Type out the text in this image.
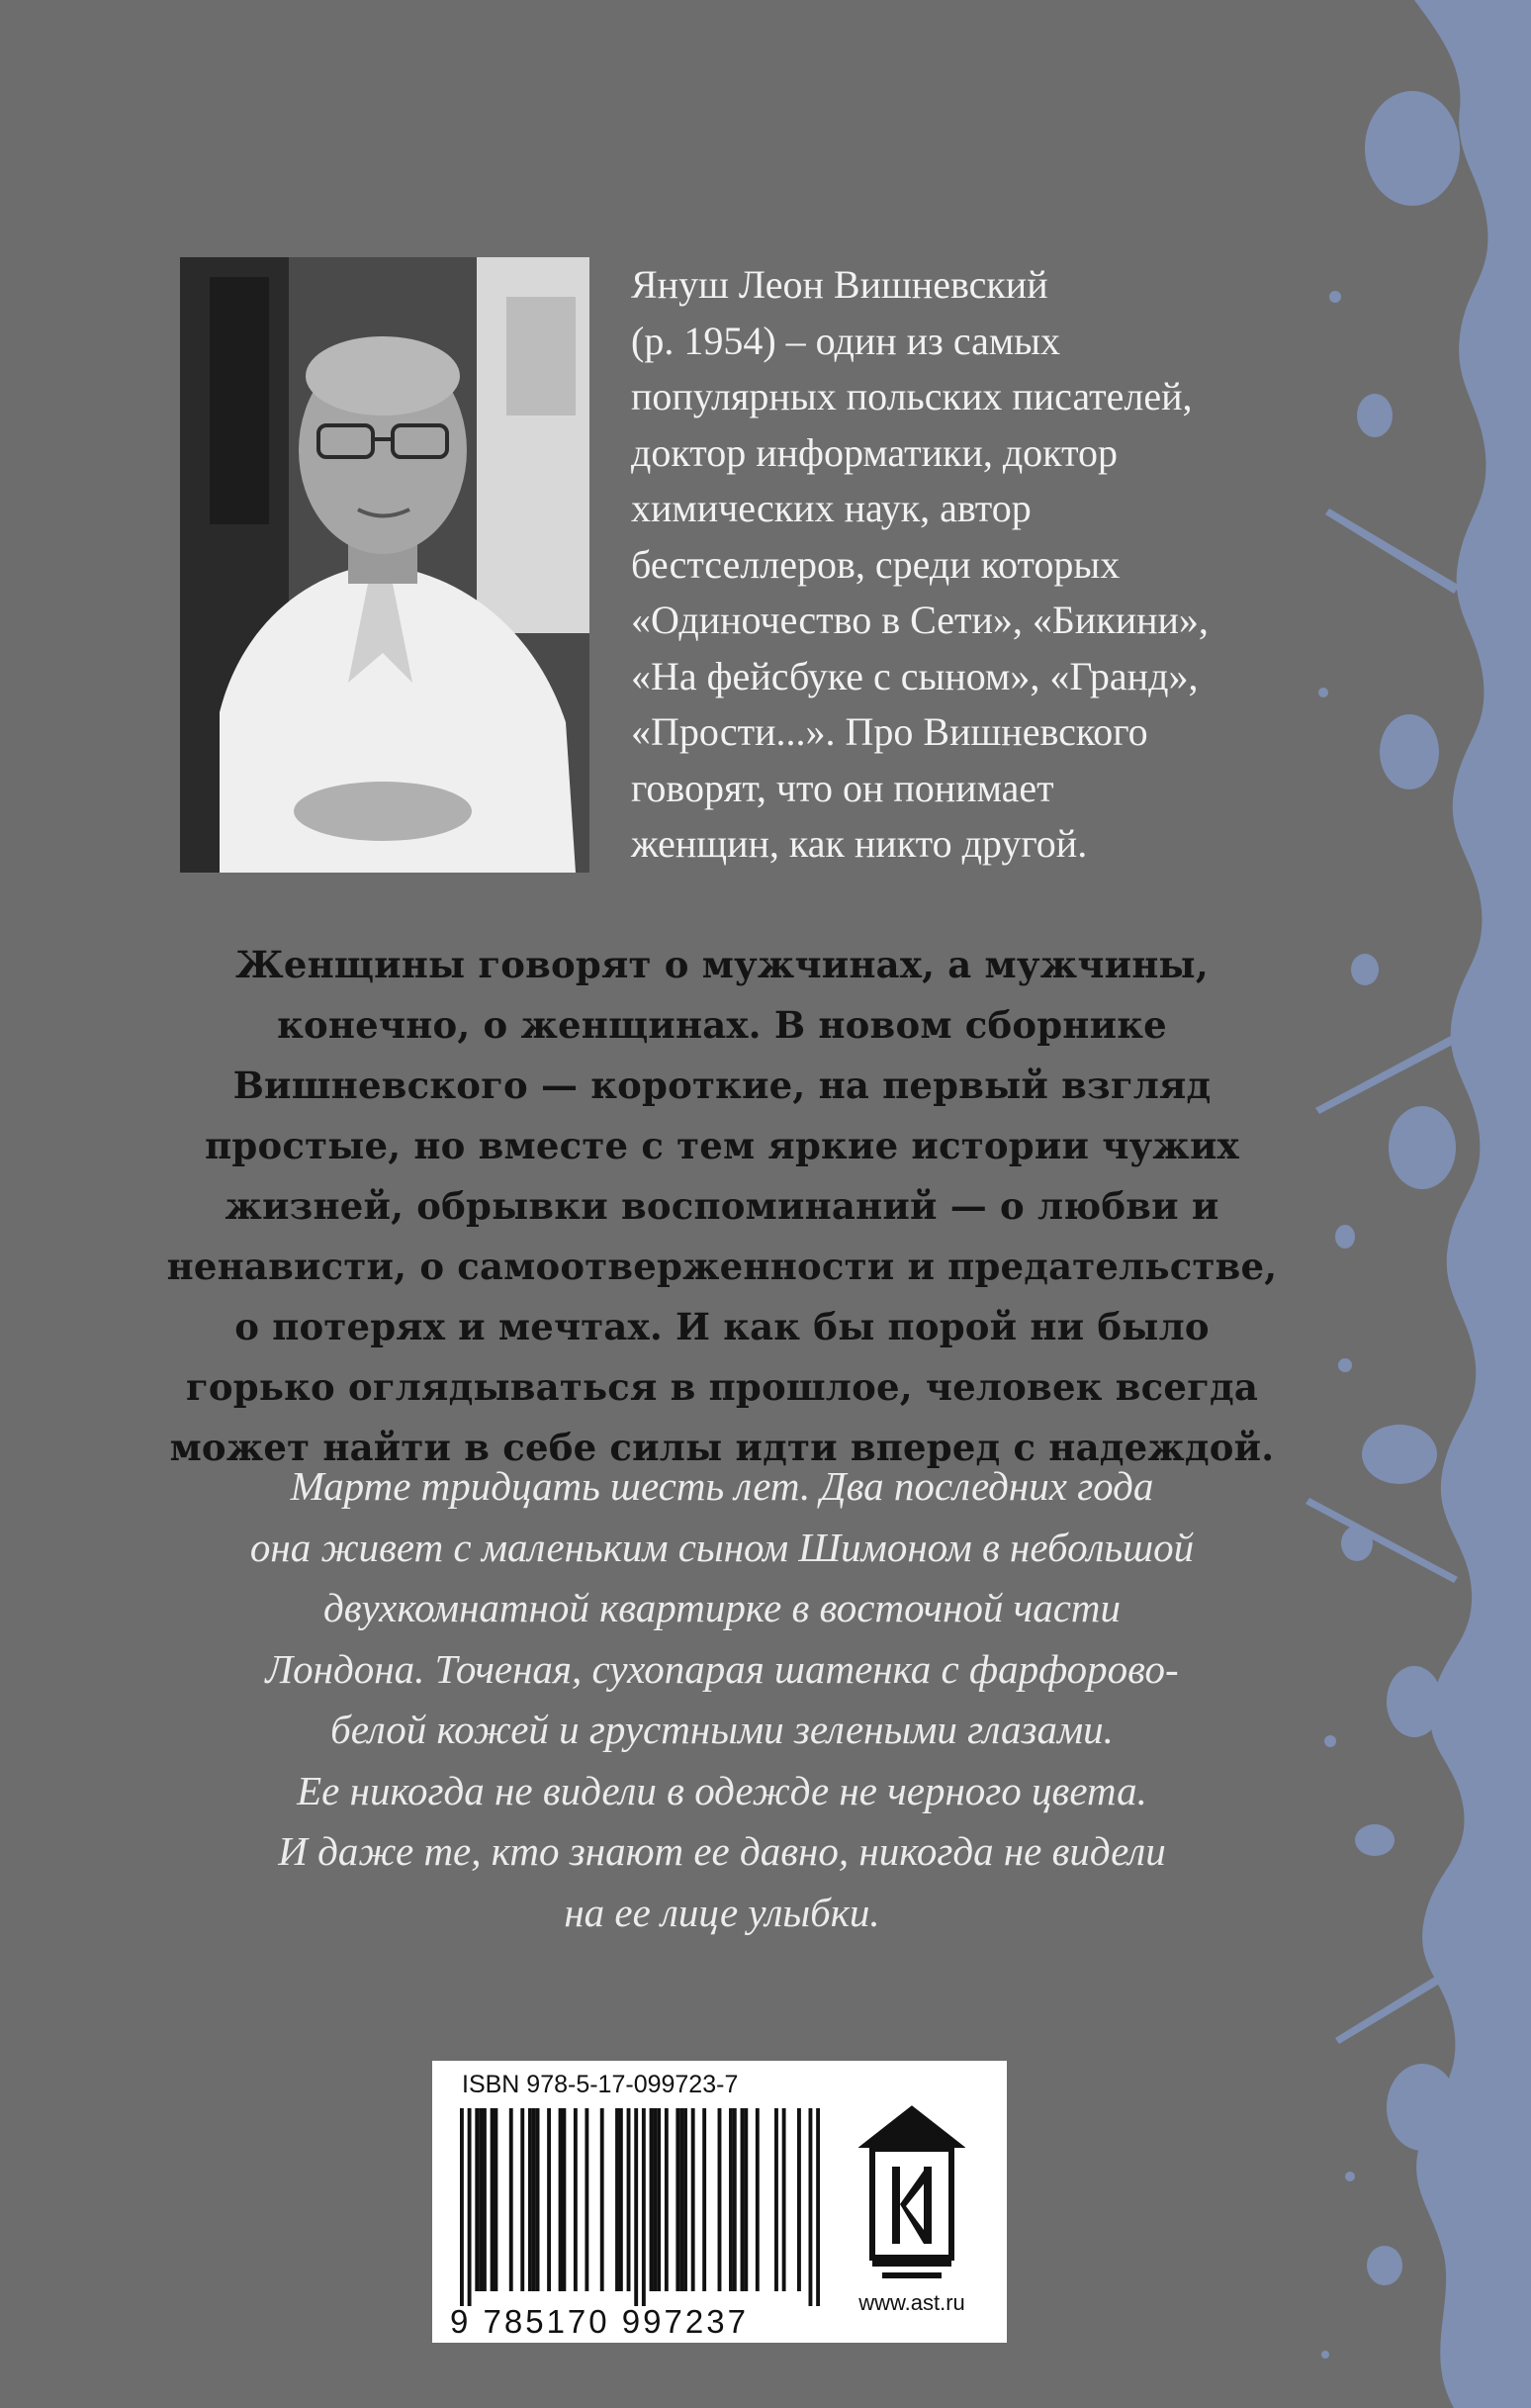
Януш Леон Вишневский

(р. 1954) – один из самых

популярных польских писателей,

доктор информатики, доктор

химических наук, автор

бестселлеров, среди которых

«Одиночество в Сети», «Бикини»,

«На фейсбуке с сыном», «Гранд»,

«Прости...». Про Вишневского

говорят, что он понимает

женщин, как никто другой.

Женщины говорят о мужчинах, а мужчины,
конечно, о женщинах. В новом сборнике
Вишневского — короткие, на первый взгляд
простые, но вместе с тем яркие истории чужих
жизней, обрывки воспоминаний — о любви и
ненависти, о самоотверженности и предательстве,
о потерях и мечтах. И как бы порой ни было
горько оглядываться в прошлое, человек всегда
может найти в себе силы идти вперед с надеждой.
Марте тридцать шесть лет. Два последних года
она живет с маленьким сыном Шимоном в небольшой
двухкомнатной квартирке в восточной части
Лондона. Точеная, сухопарая шатенка с фарфорово-
белой кожей и грустными зелеными глазами.
Ее никогда не видели в одежде не черного цвета.
И даже те, кто знают ее давно, никогда не видели
на ее лице улыбки.
ISBN 978-5-17-099723-7
9 785170 997237
www.ast.ru
